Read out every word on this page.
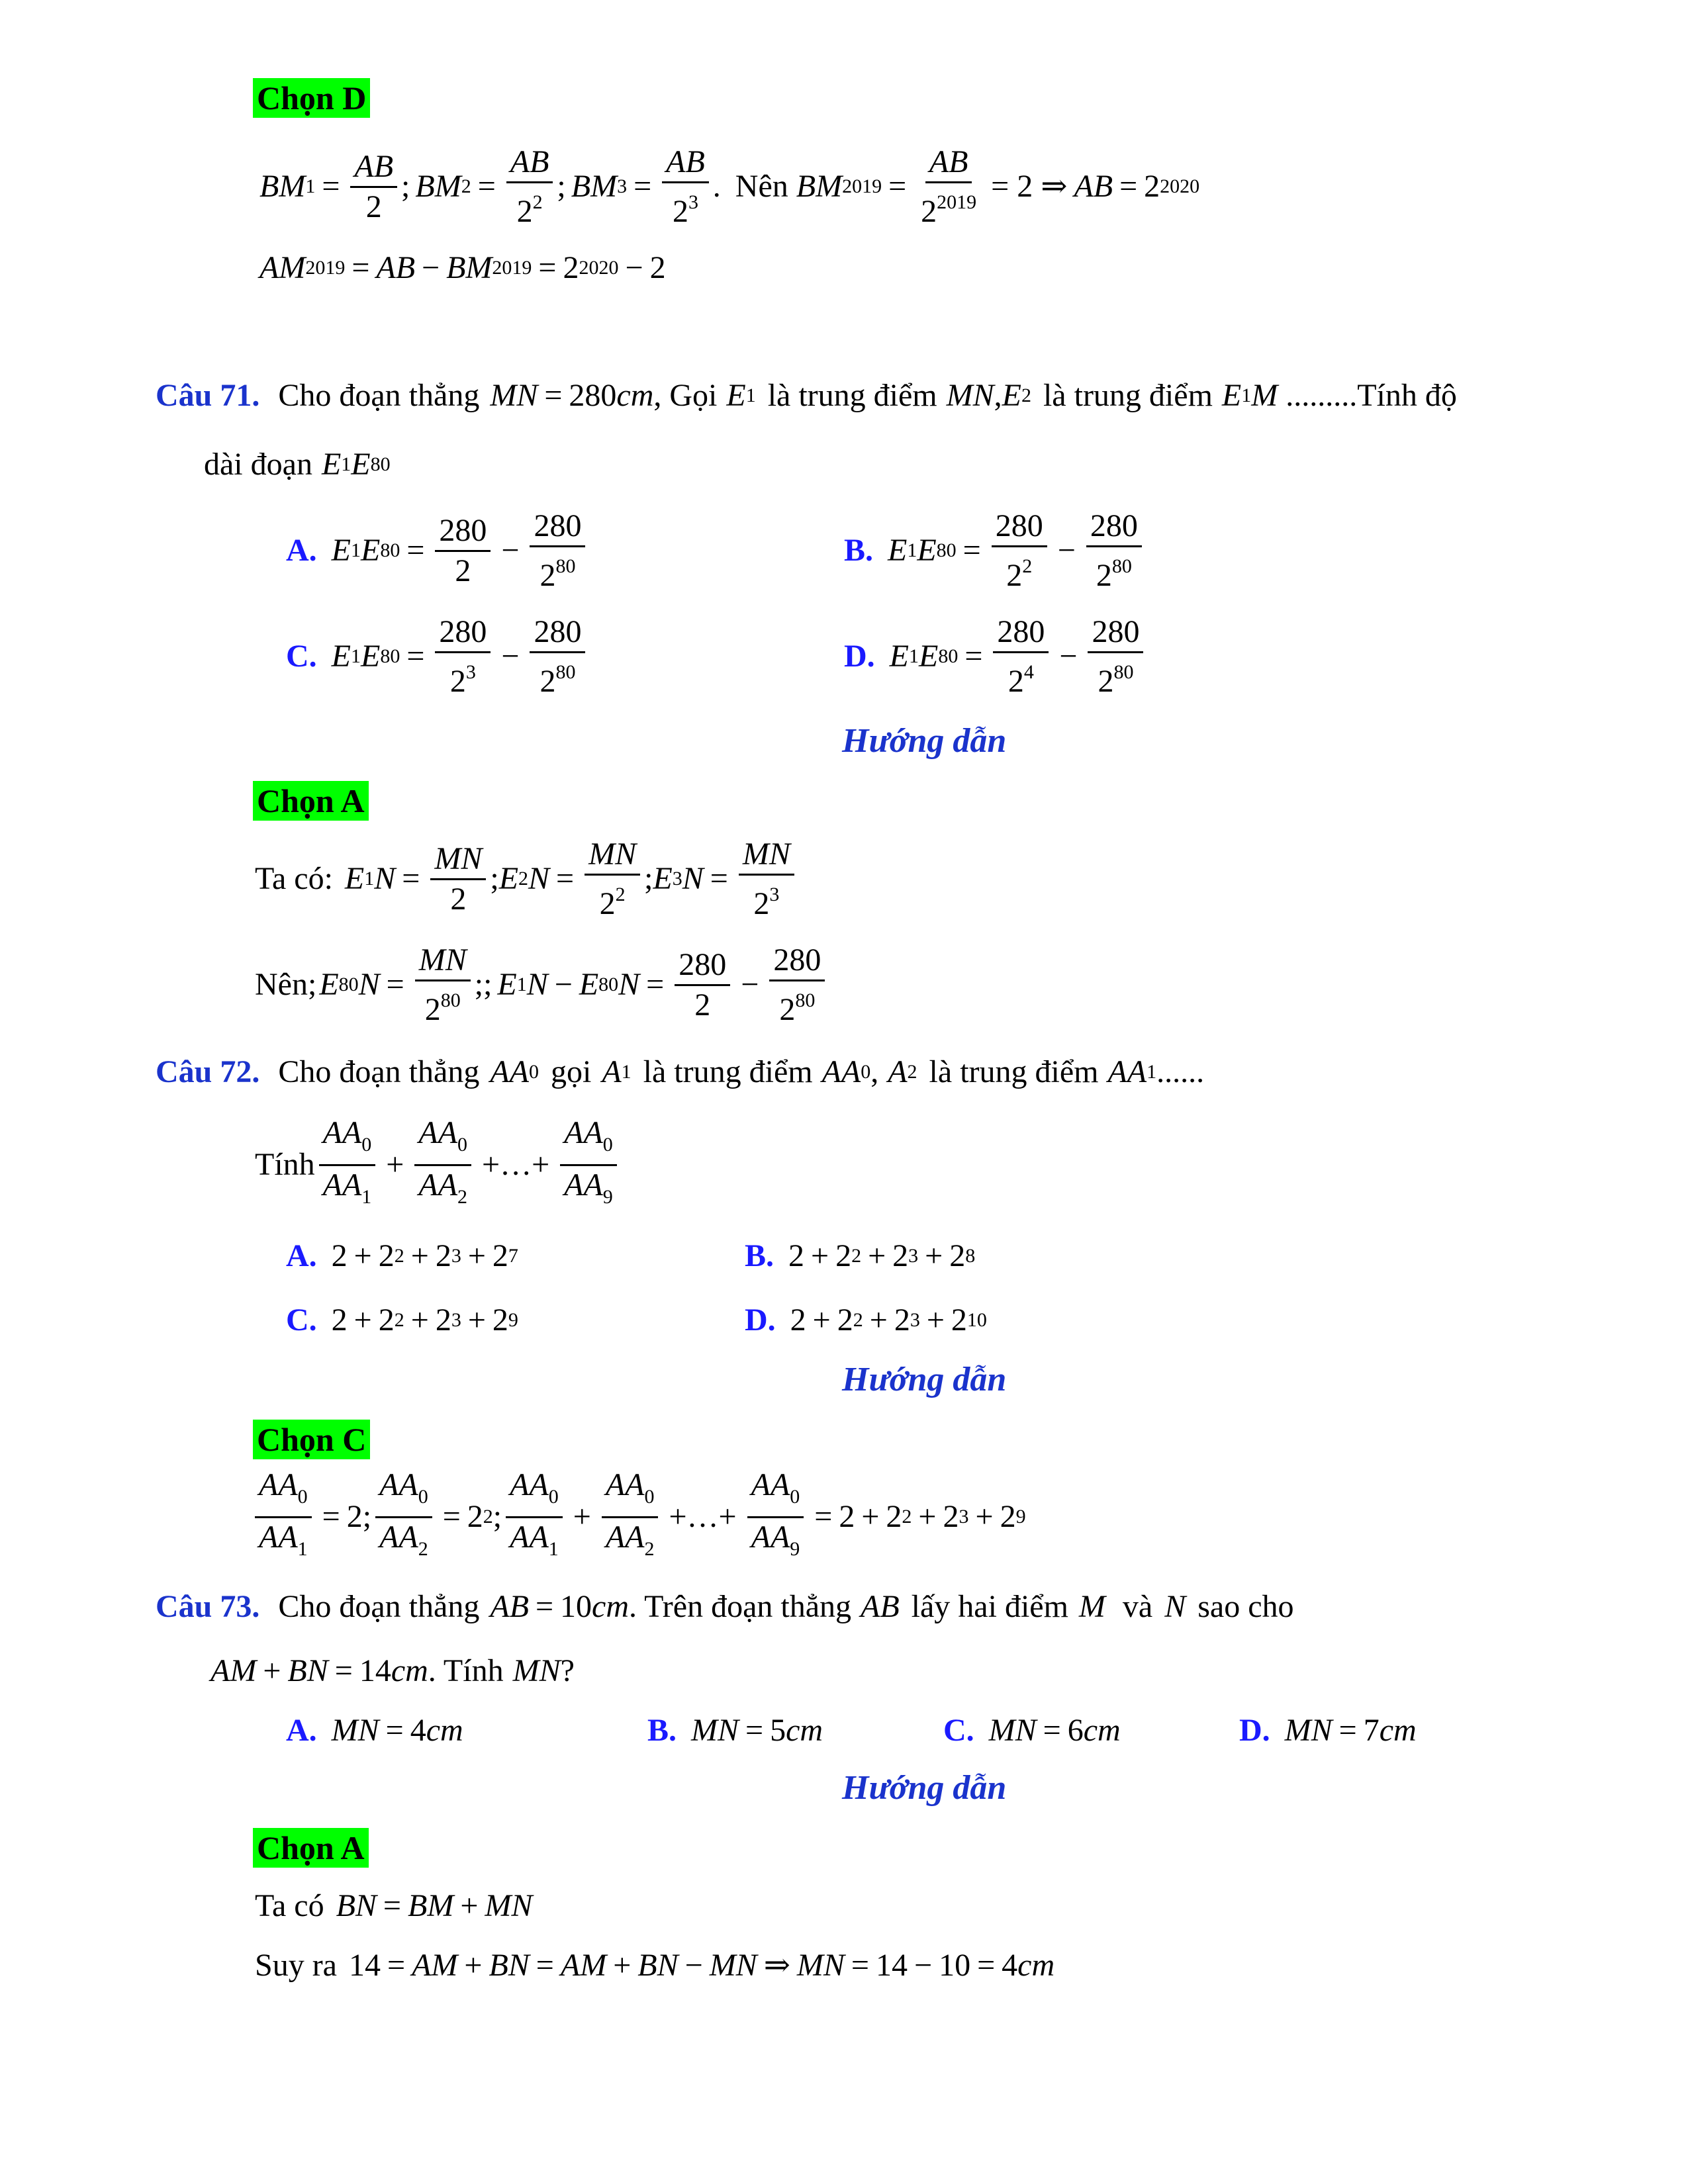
Chọn D
BM $1 = \frac{AB}{2}$ ; BM $2 = \frac{AB}{2^2}$ ; BM $3 = \frac{AB}{2^3}$ . Nên BM $2019 = \frac{AB}{2^{2019}} = 2$ ⇒ AB = 2 2020
AM 2019 = AB − BM 2019 = 2 2020 − 2
Câu 71. Cho đoạn thẳng MN = 280 cm , Gọi E 1 là trung điểm MN , E 2 là trung điểm E 1 M .........Tính độ
dài đoạn E 1 E 80
A. E 1 E $80 = \frac{280}{2} - \frac{280}{2^{80}}$	B. E 1 E $80 = \frac{280}{2^2} - \frac{280}{2^{80}}$
C. E 1 E $80 = \frac{280}{2^3} - \frac{280}{2^{80}}$	D. E 1 E $80 = \frac{280}{2^4} - \frac{280}{2^{80}}$
Hướng dẫn
Chọn A
Ta có: E 1 $N = \frac{MN}{2}$ ; E 2 $N = \frac{MN}{2^2}$ ; E 3 $N = \frac{MN}{2^3}$
Nên; E 80 $N = \frac{MN}{2^{80}}$ ;; E 1 N − E 80 $N = \frac{280}{2} - \frac{280}{2^{80}}$
Câu 72. Cho đoạn thẳng AA 0 gọi A 1 là trung điểm AA 0 , A 2 là trung điểm AA 1 ......
Tính $\frac{AA_0}{AA_1} + \frac{AA_0}{AA_2}$ +…+ $\frac{AA_0}{AA_9}$
A. 2 + 2 2 + 2 3 + 2 7	B. 2 + 2 2 + 2 3 + 2 8
C. 2 + 2 2 + 2 3 + 2 9	D. 2 + 2 2 + 2 3 + 2 10
Hướng dẫn
Chọn C
$\frac{AA_0}{AA_1} = 2$; $\frac{AA_0}{AA_2} = 2$ 2 ; $\frac{AA_0}{AA_1} + \frac{AA_0}{AA_2}$ +…+ $\frac{AA_0}{AA_9} = 2 + 2$ 2 + 2 3 + 2 9
Câu 73. Cho đoạn thẳng AB = 10 cm . Trên đoạn thẳng AB lấy hai điểm M và N sao cho
AM + BN = 14 cm . Tính MN ?
A. MN = 4 cm	B. MN = 5 cm	C. MN = 6 cm	D. MN = 7 cm
Hướng dẫn
Chọn A
Ta có BN = BM + MN
Suy ra 14 = AM + BN = AM + BN − MN ⇒ MN = 14 − 10 = 4 cm
